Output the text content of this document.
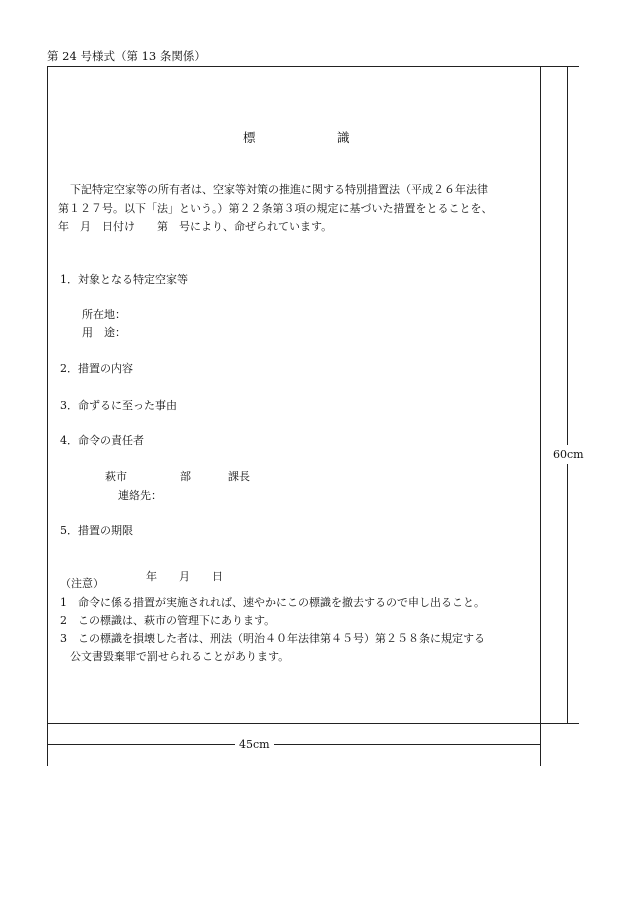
第 24 号様式（第 13 条関係）
標	識
下記特定空家等の所有者は、空家等対策の推進に関する特別措置法（平成２６年法律
第１２７号。以下「法」という。）第２２条第３項の規定に基づいた措置をとることを、
年　月　日付け　　第　号により、命ぜられています。
1．対象となる特定空家等
所在地：
用　途：
2．措置の内容
3．命ずるに至った事由
4．命令の責任者
萩市	部	課長
連絡先：
5．措置の期限
年　　月　　日
（注意）
1　命令に係る措置が実施されれば、速やかにこの標識を撤去するので申し出ること。
2　この標識は、萩市の管理下にあります。
3　この標識を損壊した者は、刑法（明治４０年法律第４５号）第２５８条に規定する
公文書毀棄罪で罰せられることがあります。
60cm
45cm
